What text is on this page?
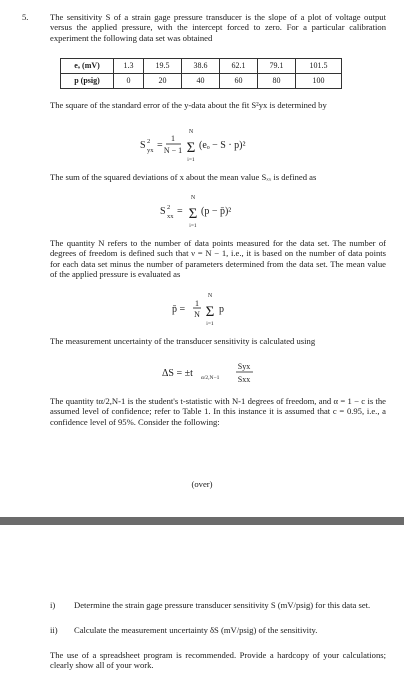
5.	The sensitivity S of a strain gage pressure transducer is the slope of a plot of voltage output versus the applied pressure, with the intercept forced to zero. For a particular calibration experiment the following data set was obtained
eₒ (mV)	1.3	19.5	38.6	62.1	79.1	101.5
p (psig)	0	20	40	60	80	100
The square of the standard error of the y-data about the fit S²yx is determined by
S 2
yx =
1
N − 1
N
Σ
i=1
(eₒ − S · p)²
The sum of the squared deviations of x about the mean value Sₓₓ is defined as
S 2
xx =
N
Σ
i=1
(p − p̄)²
The quantity N refers to the number of data points measured for the data set. The number of degrees of freedom is defined such that ν = N − 1, i.e., it is based on the number of data points for each data set minus the number of parameters determined from the data set. The mean value of the applied pressure is evaluated as
p̄ =
1
N
N
Σ
i=1
p
The measurement uncertainty of the transducer sensitivity is calculated using
ΔS = ±t α/2,N−1
Syx
Sxx
The quantity tα/2,N-1 is the student's t-statistic with N-1 degrees of freedom, and α = 1 − c is the assumed level of confidence; refer to Table 1. In this instance it is assumed that c = 0.95, i.e., a confidence level of 95%. Consider the following:
(over)
i) Determine the strain gage pressure transducer sensitivity S (mV/psig) for this data set.
ii) Calculate the measurement uncertainty δS (mV/psig) of the sensitivity.
The use of a spreadsheet program is recommended. Provide a hardcopy of your calculations; clearly show all of your work.
